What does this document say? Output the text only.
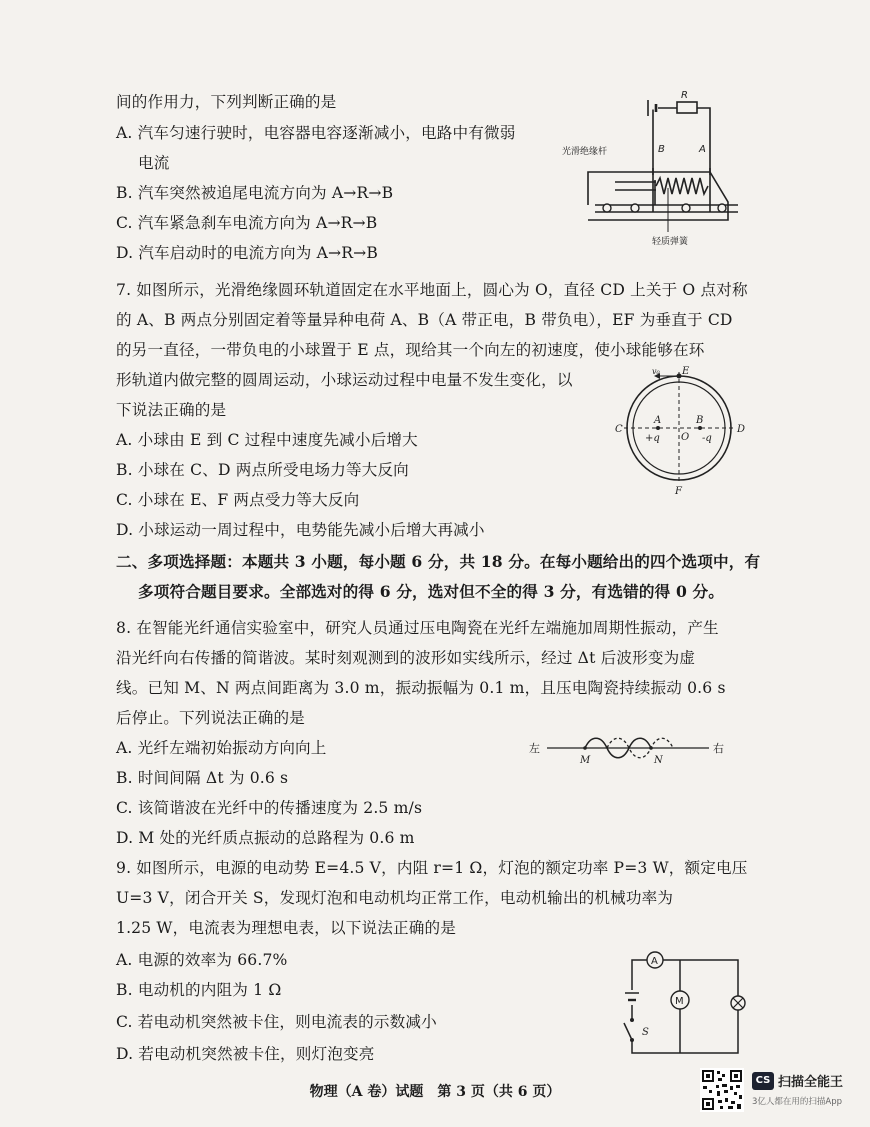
间的作用力，下列判断正确的是
A. 汽车匀速行驶时，电容器电容逐渐减小，电路中有微弱
电流
B. 汽车突然被追尾电流方向为 A→R→B
C. 汽车紧急刹车电流方向为 A→R→B
D. 汽车启动时的电流方向为 A→R→B
R
光滑绝缘杆	B	A
轻质弹簧
7. 如图所示，光滑绝缘圆环轨道固定在水平地面上，圆心为 O，直径 CD 上关于 O 点对称
的 A、B 两点分别固定着等量异种电荷 A、B（A 带正电，B 带负电），EF 为垂直于 CD
的另一直径，一带负电的小球置于 E 点，现给其一个向左的初速度，使小球能够在环
形轨道内做完整的圆周运动，小球运动过程中电量不发生变化，以
下说法正确的是
A. 小球由 E 到 C 过程中速度先减小后增大
B. 小球在 C、D 两点所受电场力等大反向
C. 小球在 E、F 两点受力等大反向
D. 小球运动一周过程中，电势能先减小后增大再减小
v₀ E
C	D
F
A	B
O
+q	-q
二、多项选择题：本题共 3 小题，每小题 6 分，共 18 分。在每小题给出的四个选项中，有
多项符合题目要求。全部选对的得 6 分，选对但不全的得 3 分，有选错的得 0 分。
8. 在智能光纤通信实验室中，研究人员通过压电陶瓷在光纤左端施加周期性振动，产生
沿光纤向右传播的简谐波。某时刻观测到的波形如实线所示，经过 Δt 后波形变为虚
线。已知 M、N 两点间距离为 3.0 m，振动振幅为 0.1 m，且压电陶瓷持续振动 0.6 s
后停止。下列说法正确的是
A. 光纤左端初始振动方向向上
B. 时间间隔 Δt 为 0.6 s
C. 该简谐波在光纤中的传播速度为 2.5 m/s
D. M 处的光纤质点振动的总路程为 0.6 m
左	右
M	N
9. 如图所示，电源的电动势 E=4.5 V，内阻 r=1 Ω，灯泡的额定功率 P=3 W，额定电压
U=3 V，闭合开关 S，发现灯泡和电动机均正常工作，电动机输出的机械功率为
1.25 W，电流表为理想电表，以下说法正确的是
A. 电源的效率为 66.7%
B. 电动机的内阻为 1 Ω
C. 若电动机突然被卡住，则电流表的示数减小
D. 若电动机突然被卡住，则灯泡变亮
A
M
S
物理（A 卷）试题　第 3 页（共 6 页）
CS 扫描全能王
3亿人都在用的扫描App
